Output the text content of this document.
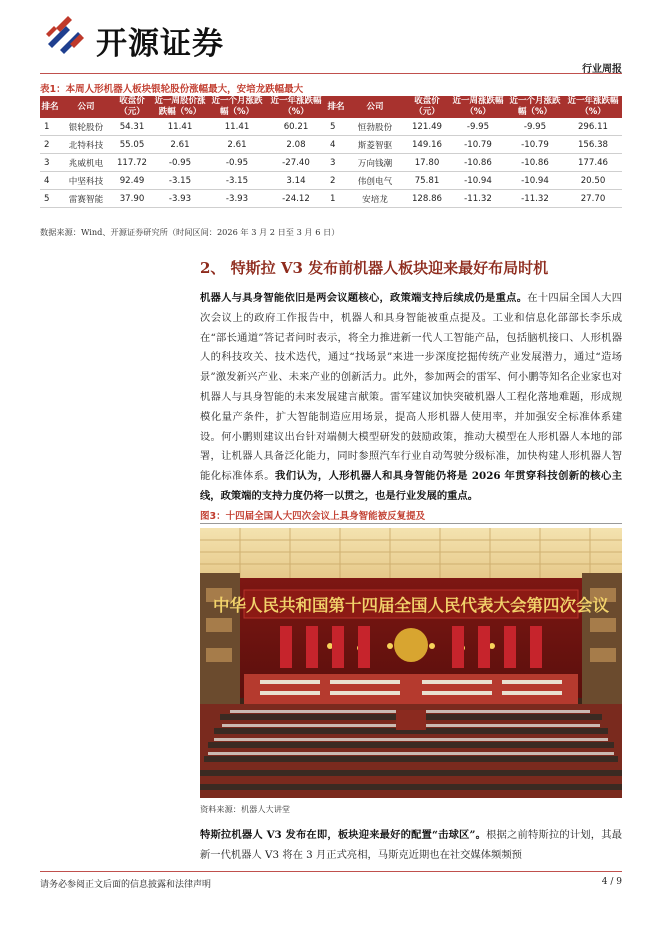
开源证券
行业周报
表1：本周人形机器人板块银轮股份涨幅最大，安培龙跌幅最大
排名	公司	收盘价（元）	近一周股价涨跌幅（%）	近一个月涨跌幅（%）	近一年涨跌幅（%）	排名	公司	收盘价（元）	近一周涨跌幅（%）	近一个月涨跌幅（%）	近一年涨跌幅（%）
1	银轮股份	54.31	11.41	11.41	60.21	5	恒勃股份	121.49	-9.95	-9.95	296.11
2	北特科技	55.05	2.61	2.61	2.08	4	斯菱智驱	149.16	-10.79	-10.79	156.38
3	兆威机电	117.72	-0.95	-0.95	-27.40	3	万向钱潮	17.80	-10.86	-10.86	177.46
4	中坚科技	92.49	-3.15	-3.15	3.14	2	伟创电气	75.81	-10.94	-10.94	20.50
5	雷赛智能	37.90	-3.93	-3.93	-24.12	1	安培龙	128.86	-11.32	-11.32	27.70
数据来源：Wind、开源证券研究所（时间区间：2026 年 3 月 2 日至 3 月 6 日）
2、 特斯拉 V3 发布前机器人板块迎来最好布局时机
机器人与具身智能依旧是两会议题核心，政策端支持后续成仍是重点。在十四届全国人大四次会议上的政府工作报告中，机器人和具身智能被重点提及。工业和信息化部部长李乐成在“部长通道”答记者问时表示，将全力推进新一代人工智能产品，包括脑机接口、人形机器人的科技攻关、技术迭代，通过“找场景”来进一步深度挖掘传统产业发展潜力，通过“造场景”激发新兴产业、未来产业的创新活力。此外，参加两会的雷军、何小鹏等知名企业家也对机器人与具身智能的未来发展建言献策。雷军建议加快突破机器人工程化落地难题，形成规模化量产条件，扩大智能制造应用场景，提高人形机器人使用率，并加强安全标准体系建设。何小鹏则建议出台针对端侧大模型研发的鼓励政策，推动大模型在人形机器人本地的部署，让机器人具备泛化能力，同时参照汽车行业自动驾驶分级标准，加快构建人形机器人智能化标准体系。我们认为，人形机器人和具身智能仍将是 2026 年贯穿科技创新的核心主线，政策端的支持力度仍将一以贯之，也是行业发展的重点。
图3：十四届全国人大四次会议上具身智能被反复提及
中华人民共和国第十四届全国人民代表大会第四次会议
资料来源：机器人大讲堂
特斯拉机器人 V3 发布在即，板块迎来最好的配置“击球区”。根据之前特斯拉的计划，其最新一代机器人 V3 将在 3 月正式亮相，马斯克近期也在社交媒体频频预
请务必参阅正文后面的信息披露和法律声明	4 / 9
